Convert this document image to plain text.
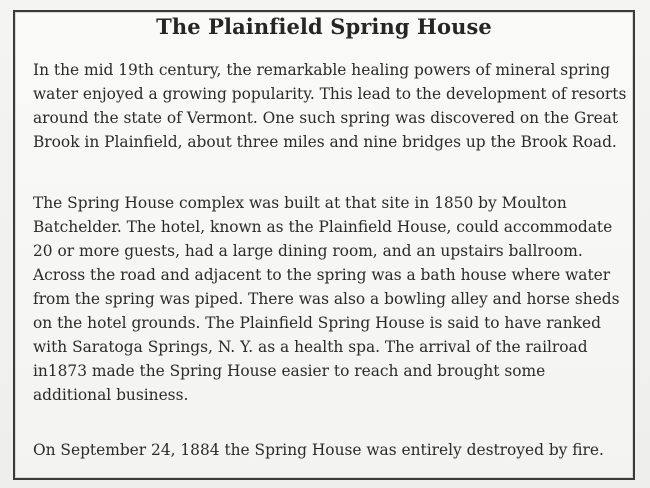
The Plainfield Spring House

In the mid 19th century, the remarkable healing powers of mineral spring water enjoyed a growing popularity. This lead to the development of resorts around the state of Vermont. One such spring was discovered on the Great Brook in Plainfield, about three miles and nine bridges up the Brook Road.

The Spring House complex was built at that site in 1850 by Moulton Batchelder. The hotel, known as the Plainfield House, could accommodate 20 or more guests, had a large dining room, and an upstairs ballroom. Across the road and adjacent to the spring was a bath house where water from the spring was piped. There was also a bowling alley and horse sheds on the hotel grounds. The Plainfield Spring House is said to have ranked with Saratoga Springs, N. Y. as a health spa. The arrival of the railroad in1873 made the Spring House easier to reach and brought some additional business.

On September 24, 1884 the Spring House was entirely destroyed by fire.
